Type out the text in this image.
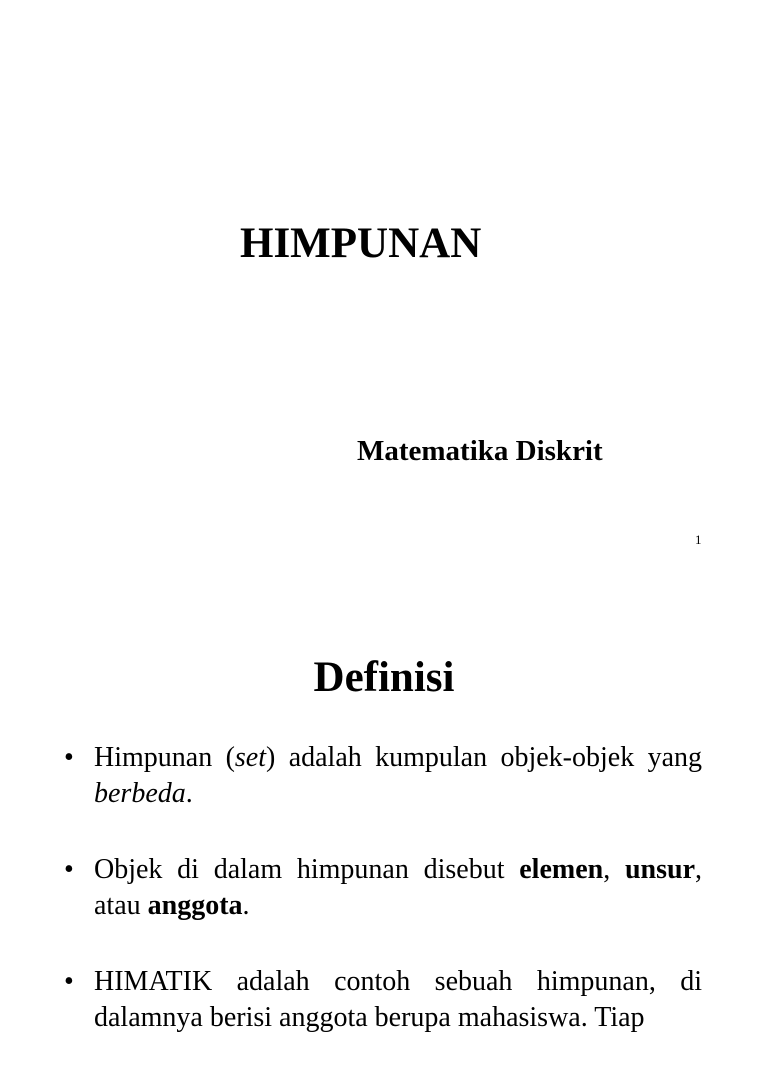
HIMPUNAN
Matematika Diskrit
1
Definisi
• Himpunan (set) adalah kumpulan objek-objek yang berbeda.
• Objek di dalam himpunan disebut elemen, unsur, atau anggota.
• HIMATIK adalah contoh sebuah himpunan, di dalamnya berisi anggota berupa mahasiswa. Tiap
